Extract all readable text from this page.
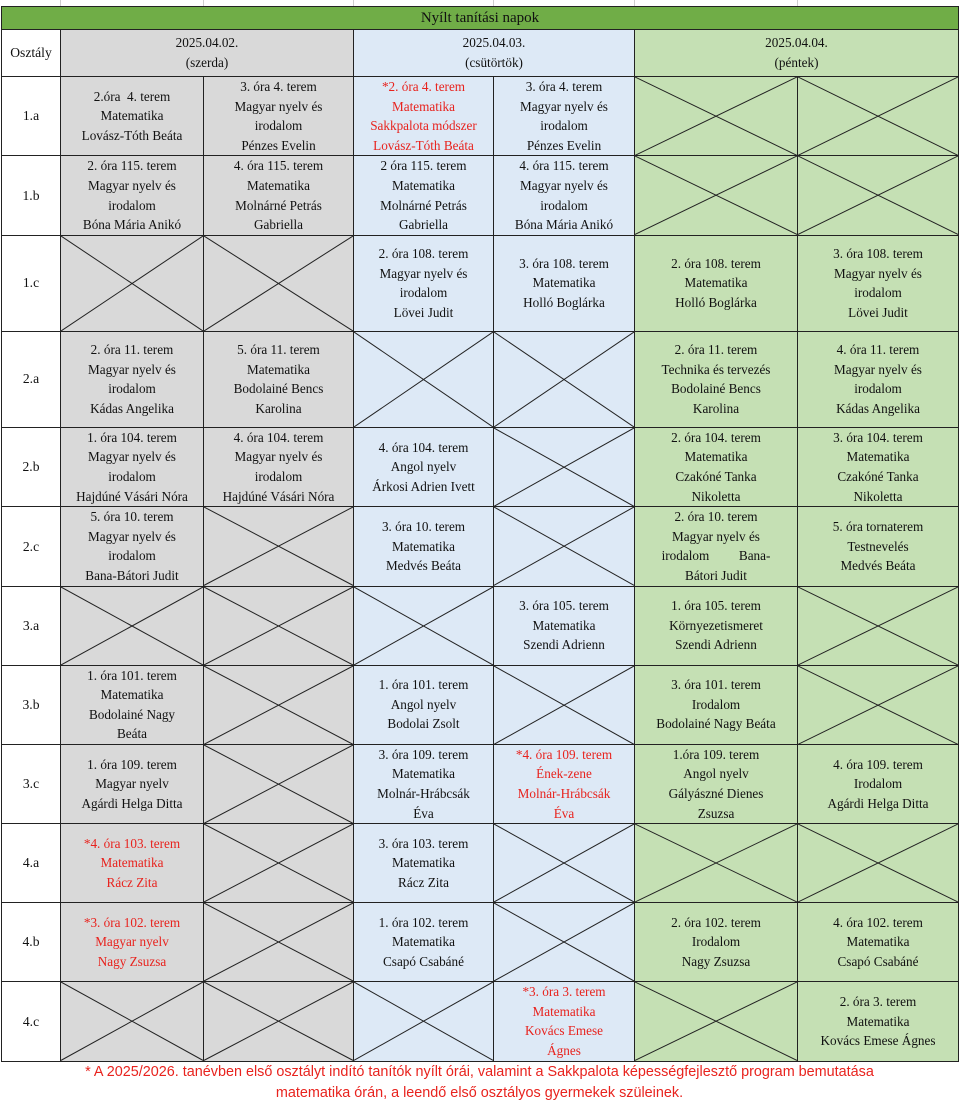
Nyílt tanítási napok						
Osztály	2025.04.02.
(szerda)		2025.04.03.
(csütörtök)		2025.04.04.
(péntek)	

1.a	2.óra  4. terem
Matematika
Lovász-Tóth Beáta	3. óra 4. terem
Magyar nyelv és
irodalom
Pénzes Evelin	*2. óra 4. terem
Matematika
Sakkpalota módszer
Lovász-Tóth Beáta	3. óra 4. terem
Magyar nyelv és
irodalom
Pénzes Evelin

1.b	2. óra 115. terem
Magyar nyelv és
irodalom
Bóna Mária Anikó	4. óra 115. terem
Matematika
Molnárné Petrás
Gabriella	2 óra 115. terem
Matematika
Molnárné Petrás
Gabriella	4. óra 115. terem
Magyar nyelv és
irodalom
Bóna Mária Anikó

1.c			2. óra 108. terem
Magyar nyelv és
irodalom
Lövei Judit	3. óra 108. terem
Matematika
Holló Boglárka	2. óra 108. terem
Matematika
Holló Boglárka	3. óra 108. terem
Magyar nyelv és
irodalom
Lövei Judit

2.a	2. óra 11. terem
Magyar nyelv és
irodalom
Kádas Angelika	5. óra 11. terem
Matematika
Bodolainé Bencs
Karolina			2. óra 11. terem
Technika és tervezés
Bodolainé Bencs
Karolina	4. óra 11. terem
Magyar nyelv és
irodalom
Kádas Angelika

2.b	1. óra 104. terem
Magyar nyelv és
irodalom
Hajdúné Vásári Nóra	4. óra 104. terem
Magyar nyelv és
irodalom
Hajdúné Vásári Nóra	4. óra 104. terem
Angol nyelv
Árkosi Adrien Ivett		2. óra 104. terem
Matematika
Czakóné Tanka
Nikoletta	3. óra 104. terem
Matematika
Czakóné Tanka
Nikoletta

2.c	5. óra 10. terem
Magyar nyelv és
irodalom
Bana-Bátori Judit		3. óra 10. terem
Matematika
Medvés Beáta		2. óra 10. terem
Magyar nyelv és
irodalom         Bana-
Bátori Judit	5. óra tornaterem
Testnevelés
Medvés Beáta

3.a				3. óra 105. terem
Matematika
Szendi Adrienn	1. óra 105. terem
Környezetismeret
Szendi Adrienn

3.b	1. óra 101. terem
Matematika
Bodolainé Nagy
Beáta		1. óra 101. terem
Angol nyelv
Bodolai Zsolt		3. óra 101. terem
Irodalom
Bodolainé Nagy Beáta

3.c	1. óra 109. terem
Magyar nyelv
Agárdi Helga Ditta		3. óra 109. terem
Matematika
Molnár-Hrábcsák
Éva	*4. óra 109. terem
Ének-zene
Molnár-Hrábcsák
Éva	1.óra 109. terem
Angol nyelv
Gályászné Dienes
Zsuzsa	4. óra 109. terem
Irodalom
Agárdi Helga Ditta

4.a	*4. óra 103. terem
Matematika
Rácz Zita		3. óra 103. terem
Matematika
Rácz Zita

4.b	*3. óra 102. terem
Magyar nyelv
Nagy Zsuzsa		1. óra 102. terem
Matematika
Csapó Csabáné		2. óra 102. terem
Irodalom
Nagy Zsuzsa	4. óra 102. terem
Matematika
Csapó Csabáné

4.c				*3. óra 3. terem
Matematika
Kovács Emese
Ágnes		2. óra 3. terem
Matematika
Kovács Emese Ágnes
* A 2025/2026. tanévben első osztályt indító tanítók nyílt órái, valamint a Sakkpalota képességfejlesztő program bemutatása
matematika órán, a leendő első osztályos gyermekek szüleinek.
